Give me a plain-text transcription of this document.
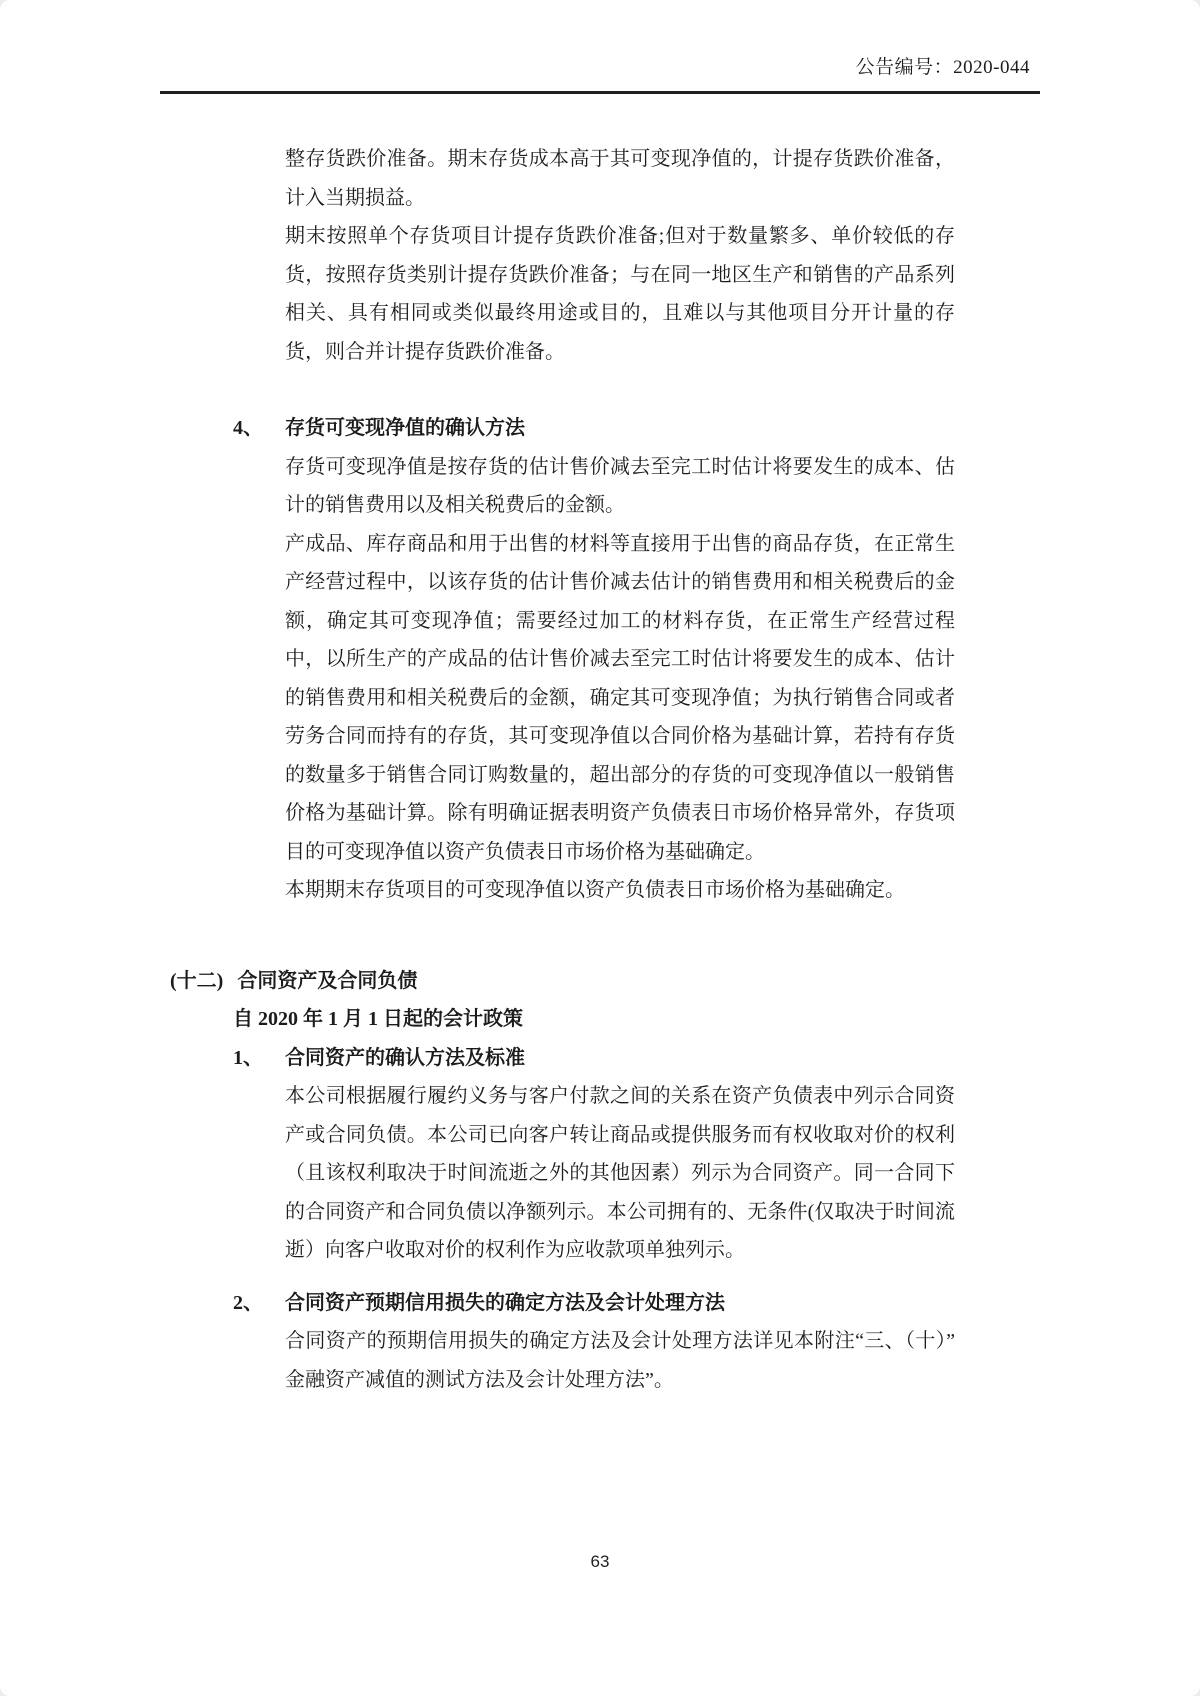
公告编号：2020-044

整存货跌价准备。期末存货成本高于其可变现净值的，计提存货跌价准备，计入当期损益。

期末按照单个存货项目计提存货跌价准备;但对于数量繁多、单价较低的存货，按照存货类别计提存货跌价准备；与在同一地区生产和销售的产品系列相关、具有相同或类似最终用途或目的，且难以与其他项目分开计量的存货，则合并计提存货跌价准备。

4、 存货可变现净值的确认方法

存货可变现净值是按存货的估计售价减去至完工时估计将要发生的成本、估计的销售费用以及相关税费后的金额。

产成品、库存商品和用于出售的材料等直接用于出售的商品存货，在正常生产经营过程中，以该存货的估计售价减去估计的销售费用和相关税费后的金额，确定其可变现净值；需要经过加工的材料存货，在正常生产经营过程中，以所生产的产成品的估计售价减去至完工时估计将要发生的成本、估计的销售费用和相关税费后的金额，确定其可变现净值；为执行销售合同或者劳务合同而持有的存货，其可变现净值以合同价格为基础计算，若持有存货的数量多于销售合同订购数量的，超出部分的存货的可变现净值以一般销售价格为基础计算。除有明确证据表明资产负债表日市场价格异常外，存货项目的可变现净值以资产负债表日市场价格为基础确定。

本期期末存货项目的可变现净值以资产负债表日市场价格为基础确定。

(十二) 合同资产及合同负债
自 2020 年 1 月 1 日起的会计政策
1、 合同资产的确认方法及标准

本公司根据履行履约义务与客户付款之间的关系在资产负债表中列示合同资产或合同负债。本公司已向客户转让商品或提供服务而有权收取对价的权利（且该权利取决于时间流逝之外的其他因素）列示为合同资产。同一合同下的合同资产和合同负债以净额列示。本公司拥有的、无条件(仅取决于时间流逝）向客户收取对价的权利作为应收款项单独列示。

2、 合同资产预期信用损失的确定方法及会计处理方法

合同资产的预期信用损失的确定方法及会计处理方法详见本附注“三、（十）”金融资产减值的测试方法及会计处理方法”。

63
